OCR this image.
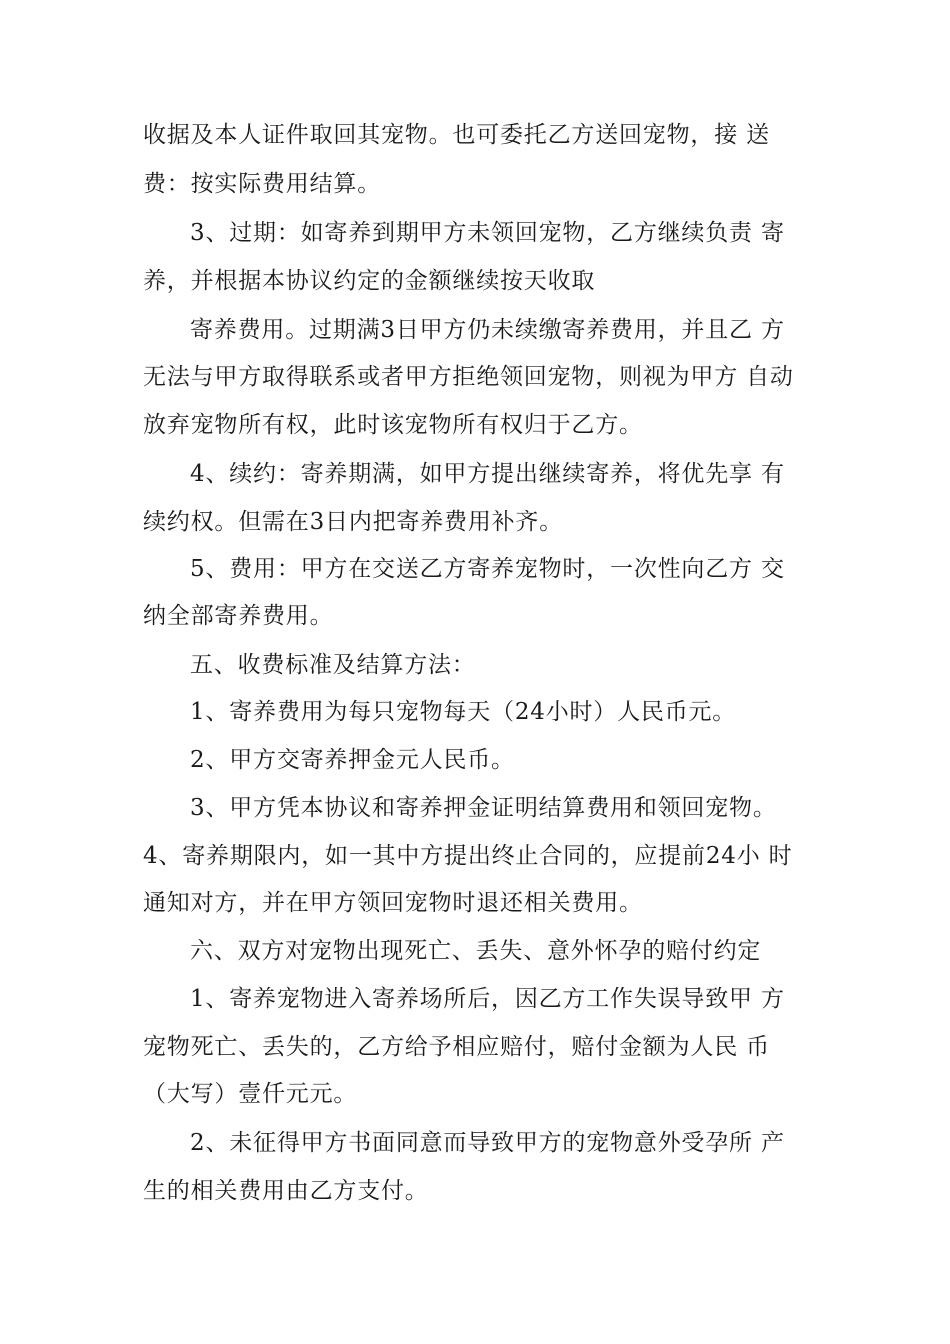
收据及本人证件取回其宠物。也可委托乙方送回宠物，接 送
费：按实际费用结算。
3、过期：如寄养到期甲方未领回宠物，乙方继续负责 寄
养，并根据本协议约定的金额继续按天收取
寄养费用。过期满3日甲方仍未续缴寄养费用，并且乙 方
无法与甲方取得联系或者甲方拒绝领回宠物，则视为甲方 自动
放弃宠物所有权，此时该宠物所有权归于乙方。
4、续约：寄养期满，如甲方提出继续寄养，将优先享 有
续约权。但需在3日内把寄养费用补齐。
5、费用：甲方在交送乙方寄养宠物时，一次性向乙方 交
纳全部寄养费用。
五、收费标准及结算方法：
1、寄养费用为每只宠物每天（24小时）人民币元。
2、甲方交寄养押金元人民币。
3、甲方凭本协议和寄养押金证明结算费用和领回宠物。
4、寄养期限内，如一其中方提出终止合同的，应提前24小 时
通知对方，并在甲方领回宠物时退还相关费用。
六、双方对宠物出现死亡、丢失、意外怀孕的赔付约定
1、寄养宠物进入寄养场所后，因乙方工作失误导致甲 方
宠物死亡、丢失的，乙方给予相应赔付，赔付金额为人民 币
（大写）壹仟元元。
2、未征得甲方书面同意而导致甲方的宠物意外受孕所 产
生的相关费用由乙方支付。
